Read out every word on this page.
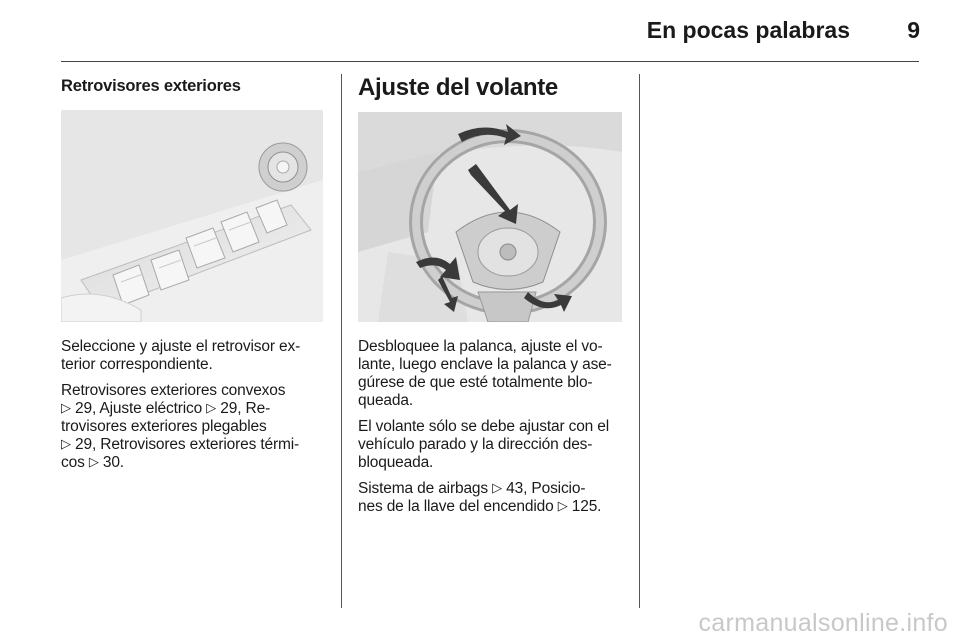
En pocas palabras 9
Retrovisores exteriores

Seleccione y ajuste el retrovisor ex-
terior correspondiente.

Retrovisores exteriores convexos
▷ 29, Ajuste eléctrico ▷ 29, Re-
trovisores exteriores plegables
▷ 29, Retrovisores exteriores térmi-
cos ▷ 30.

Ajuste del volante

Desbloquee la palanca, ajuste el vo-
lante, luego enclave la palanca y ase-
gúrese de que esté totalmente blo-
queada.

El volante sólo se debe ajustar con el
vehículo parado y la dirección des-
bloqueada.

Sistema de airbags ▷ 43, Posicio-
nes de la llave del encendido ▷ 125.

carmanualsonline.info
